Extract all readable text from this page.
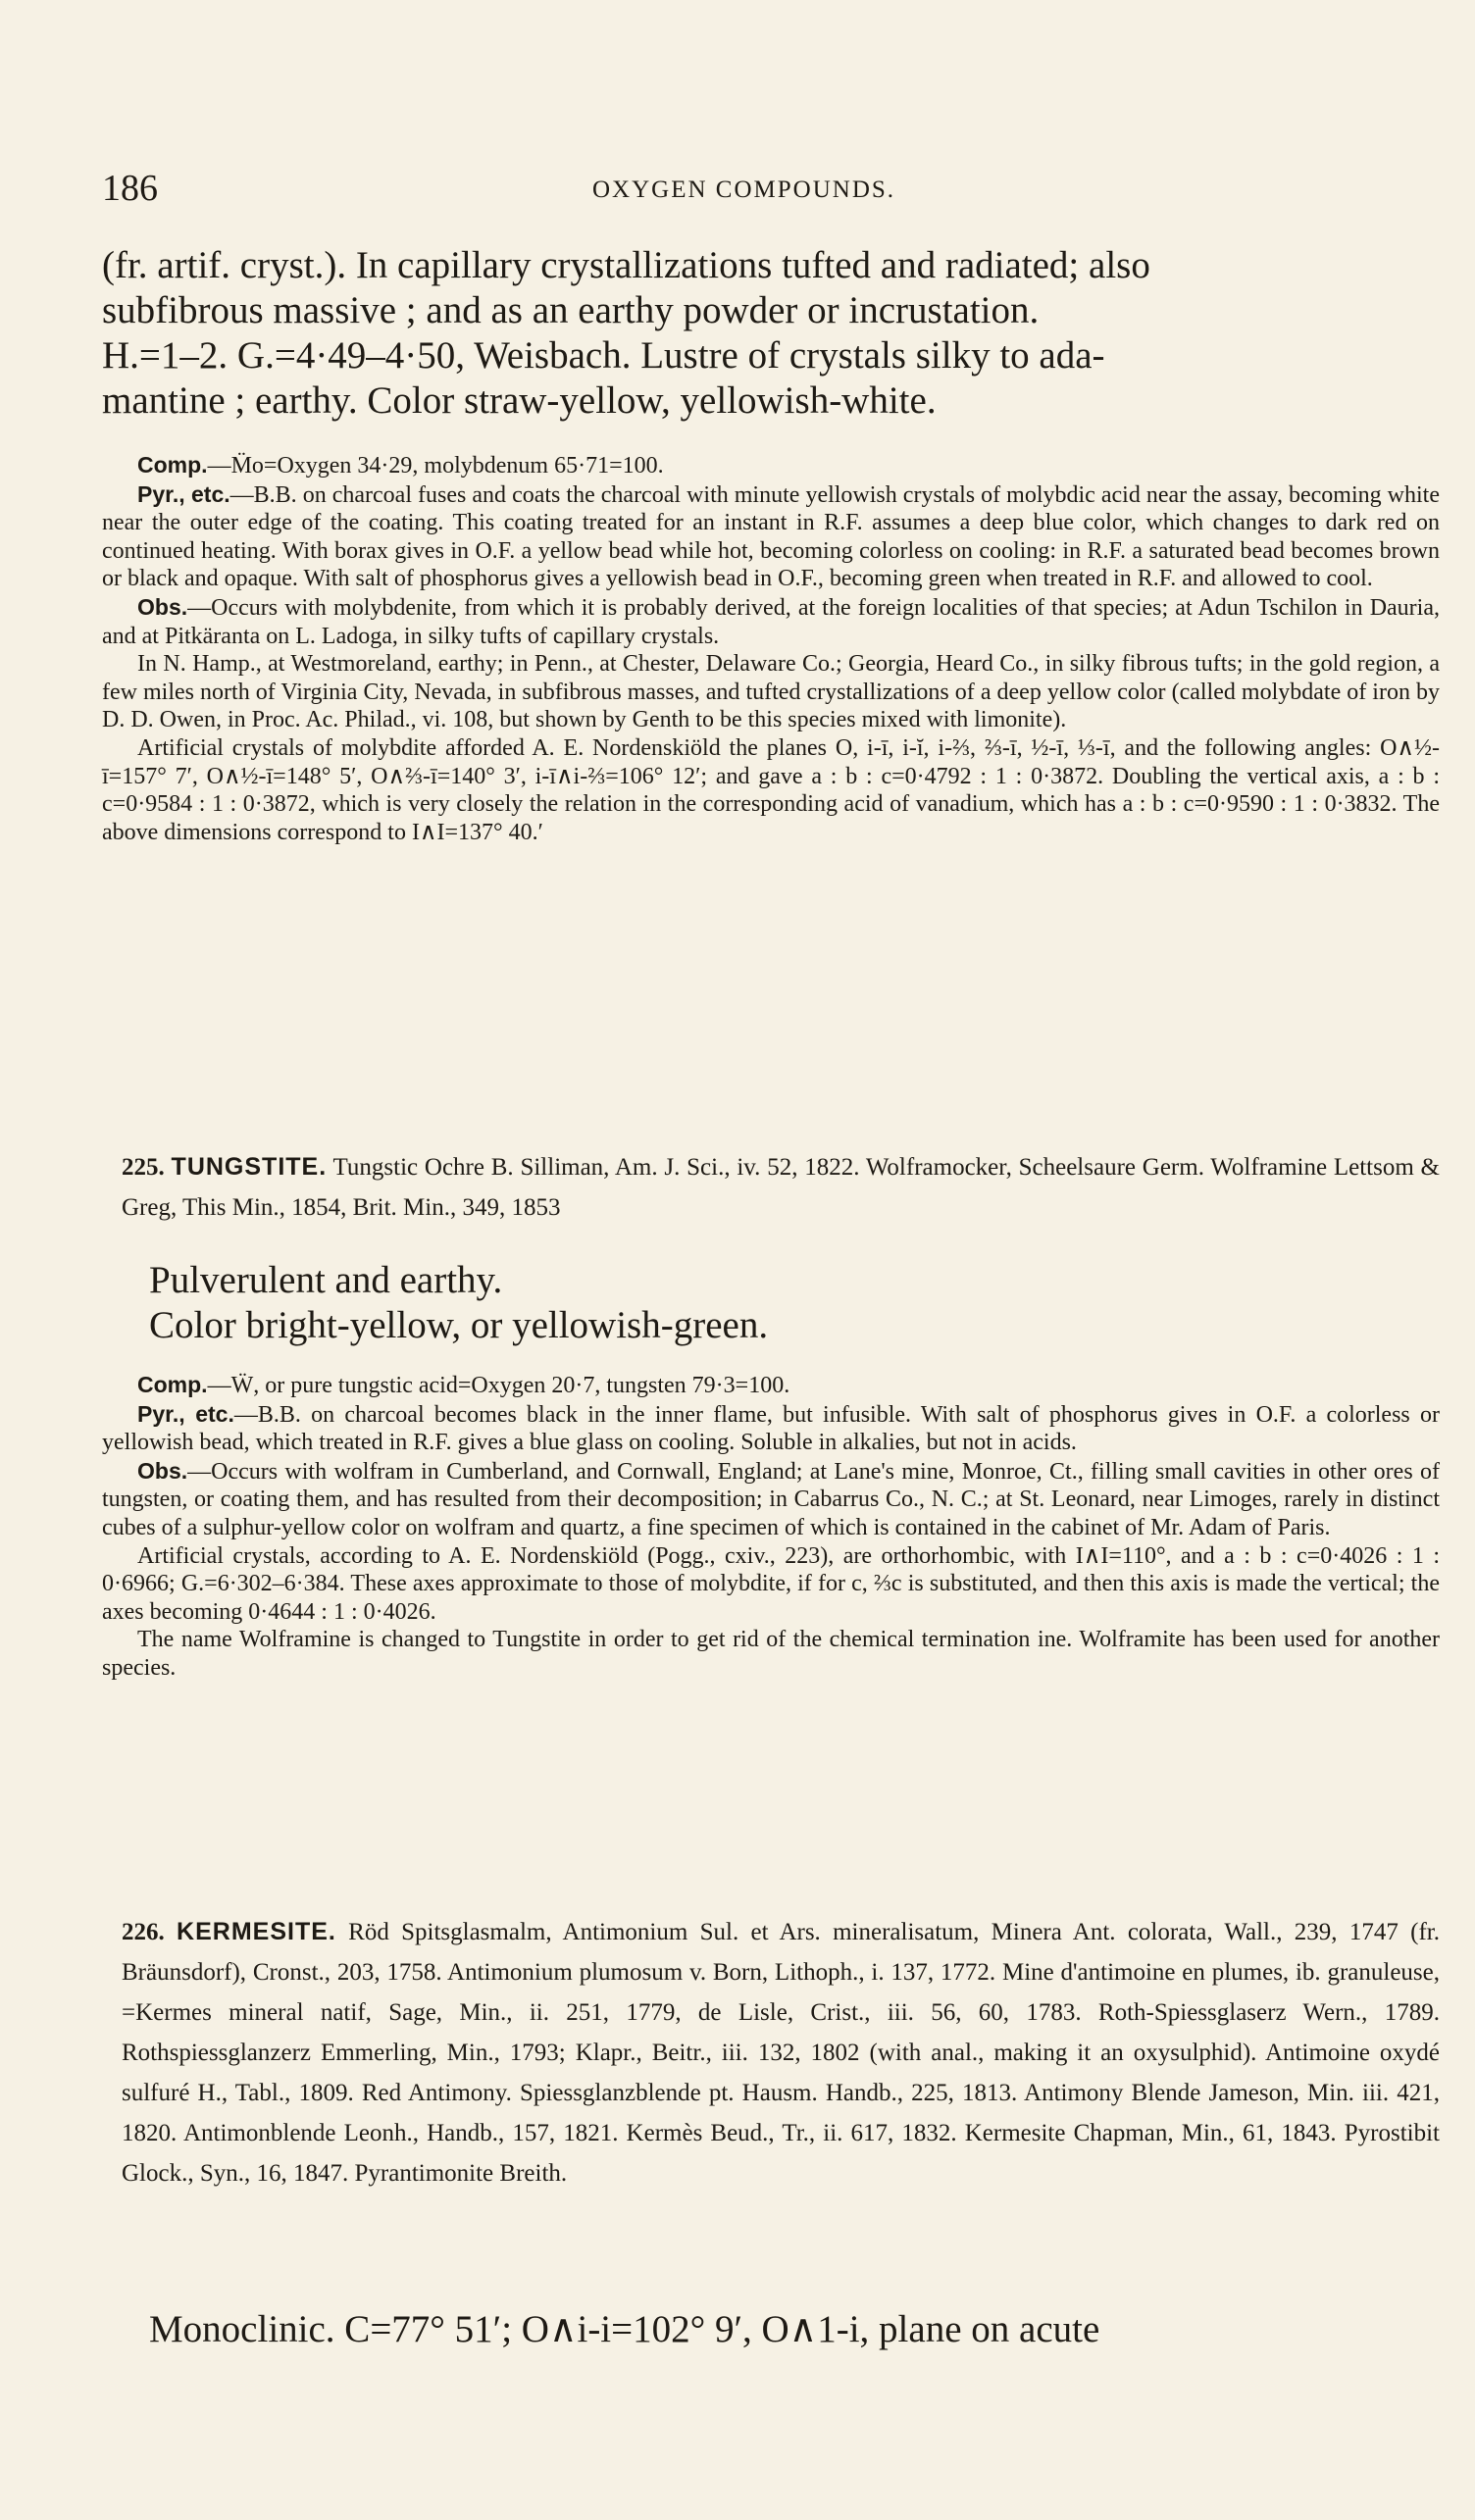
186	OXYGEN COMPOUNDS.
(fr. artif. cryst.). In capillary crystallizations tufted and radiated; also
subfibrous massive ; and as an earthy powder or incrustation.
H.=1–2. G.=4·49–4·50, Weisbach. Lustre of crystals silky to ada-
mantine ; earthy. Color straw-yellow, yellowish-white.

Comp.—M̈o=Oxygen 34·29, molybdenum 65·71=100.

Pyr., etc.—B.B. on charcoal fuses and coats the charcoal with minute yellowish crystals of molybdic acid near the assay, becoming white near the outer edge of the coating. This coating treated for an instant in R.F. assumes a deep blue color, which changes to dark red on continued heating. With borax gives in O.F. a yellow bead while hot, becoming colorless on cooling: in R.F. a saturated bead becomes brown or black and opaque. With salt of phosphorus gives a yellowish bead in O.F., becoming green when treated in R.F. and allowed to cool.

Obs.—Occurs with molybdenite, from which it is probably derived, at the foreign localities of that species; at Adun Tschilon in Dauria, and at Pitkäranta on L. Ladoga, in silky tufts of capillary crystals.

In N. Hamp., at Westmoreland, earthy; in Penn., at Chester, Delaware Co.; Georgia, Heard Co., in silky fibrous tufts; in the gold region, a few miles north of Virginia City, Nevada, in subfibrous masses, and tufted crystallizations of a deep yellow color (called molybdate of iron by D. D. Owen, in Proc. Ac. Philad., vi. 108, but shown by Genth to be this species mixed with limonite).

Artificial crystals of molybdite afforded A. E. Nordenskiöld the planes O, i-ī, i-ĭ, i-⅔, ⅔-ī, ½-ī, ⅓-ī, and the following angles: O∧½-ī=157° 7′, O∧½-ī=148° 5′, O∧⅔-ī=140° 3′, i-ī∧i-⅔=106° 12′; and gave a : b : c=0·4792 : 1 : 0·3872. Doubling the vertical axis, a : b : c=0·9584 : 1 : 0·3872, which is very closely the relation in the corresponding acid of vanadium, which has a : b : c=0·9590 : 1 : 0·3832. The above dimensions correspond to I∧I=137° 40.′

225. TUNGSTITE. Tungstic Ochre B. Silliman, Am. J. Sci., iv. 52, 1822. Wolframocker, Scheelsaure Germ. Wolframine Lettsom & Greg, This Min., 1854, Brit. Min., 349, 1853

Pulverulent and earthy.
Color bright-yellow, or yellowish-green.

Comp.—Ẅ, or pure tungstic acid=Oxygen 20·7, tungsten 79·3=100.

Pyr., etc.—B.B. on charcoal becomes black in the inner flame, but infusible. With salt of phosphorus gives in O.F. a colorless or yellowish bead, which treated in R.F. gives a blue glass on cooling. Soluble in alkalies, but not in acids.

Obs.—Occurs with wolfram in Cumberland, and Cornwall, England; at Lane's mine, Monroe, Ct., filling small cavities in other ores of tungsten, or coating them, and has resulted from their decomposition; in Cabarrus Co., N. C.; at St. Leonard, near Limoges, rarely in distinct cubes of a sulphur-yellow color on wolfram and quartz, a fine specimen of which is contained in the cabinet of Mr. Adam of Paris.

Artificial crystals, according to A. E. Nordenskiöld (Pogg., cxiv., 223), are orthorhombic, with I∧I=110°, and a : b : c=0·4026 : 1 : 0·6966; G.=6·302–6·384. These axes approximate to those of molybdite, if for c, ⅔c is substituted, and then this axis is made the vertical; the axes becoming 0·4644 : 1 : 0·4026.

The name Wolframine is changed to Tungstite in order to get rid of the chemical termination ine. Wolframite has been used for another species.

226. KERMESITE. Röd Spitsglasmalm, Antimonium Sul. et Ars. mineralisatum, Minera Ant. colorata, Wall., 239, 1747 (fr. Bräunsdorf), Cronst., 203, 1758. Antimonium plumosum v. Born, Lithoph., i. 137, 1772. Mine d'antimoine en plumes, ib. granuleuse, =Kermes mineral natif, Sage, Min., ii. 251, 1779, de Lisle, Crist., iii. 56, 60, 1783. Roth-Spiessglaserz Wern., 1789. Rothspiessglanzerz Emmerling, Min., 1793; Klapr., Beitr., iii. 132, 1802 (with anal., making it an oxysulphid). Antimoine oxydé sulfuré H., Tabl., 1809. Red Antimony. Spiessglanzblende pt. Hausm. Handb., 225, 1813. Antimony Blende Jameson, Min. iii. 421, 1820. Antimonblende Leonh., Handb., 157, 1821. Kermès Beud., Tr., ii. 617, 1832. Kermesite Chapman, Min., 61, 1843. Pyrostibit Glock., Syn., 16, 1847. Pyrantimonite Breith.

Monoclinic. C=77° 51′; O∧i-i=102° 9′, O∧1-i, plane on acute
